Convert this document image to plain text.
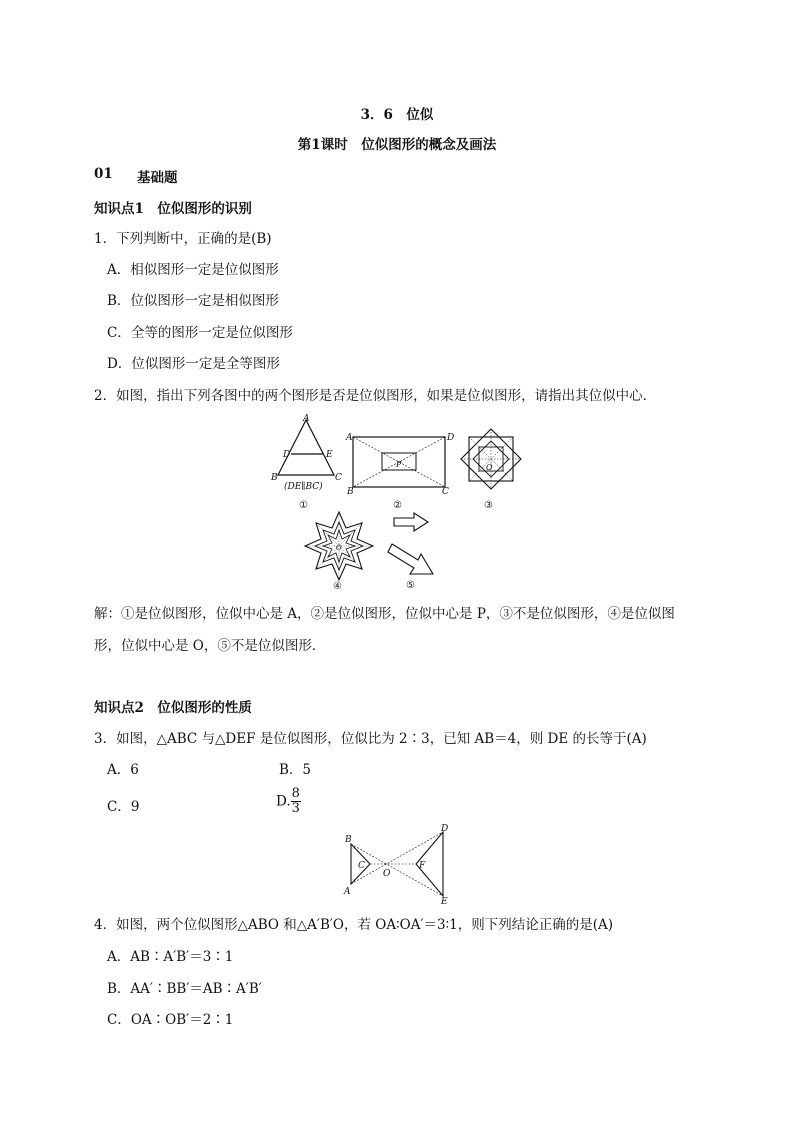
3．6　位似
第1课时　位似图形的概念及画法
01 基础题
知识点1　位似图形的识别
1．下列判断中，正确的是(B)
A．相似图形一定是位似图形
B．位似图形一定是相似图形
C．全等的图形一定是位似图形
D．位似图形一定是全等图形
2．如图，指出下列各图中的两个图形是否是位似图形，如果是位似图形，请指出其位似中心．
A
D	E
B	C
(DE∥BC)
①
A	D
P
B	C
②
O
③
O
④	⑤
解：①是位似图形，位似中心是 A，②是位似图形，位似中心是 P，③不是位似图形，④是位似图
形，位似中心是 O，⑤不是位似图形．
知识点2　位似图形的性质
3．如图，△ABC 与△DEF 是位似图形，位似比为 2∶3，已知 AB＝4，则 DE 的长等于(A)
A．6	B．5
C．9	D. $\frac{8}{3}$
B
C
A
O
D
F
E
4．如图，两个位似图形△ABO 和△A′B′O，若 OA∶OA′＝3∶1，则下列结论正确的是(A)
A．AB∶A′B′＝3∶1
B．AA′∶BB′＝AB∶A′B′
C．OA∶OB′＝2∶1
